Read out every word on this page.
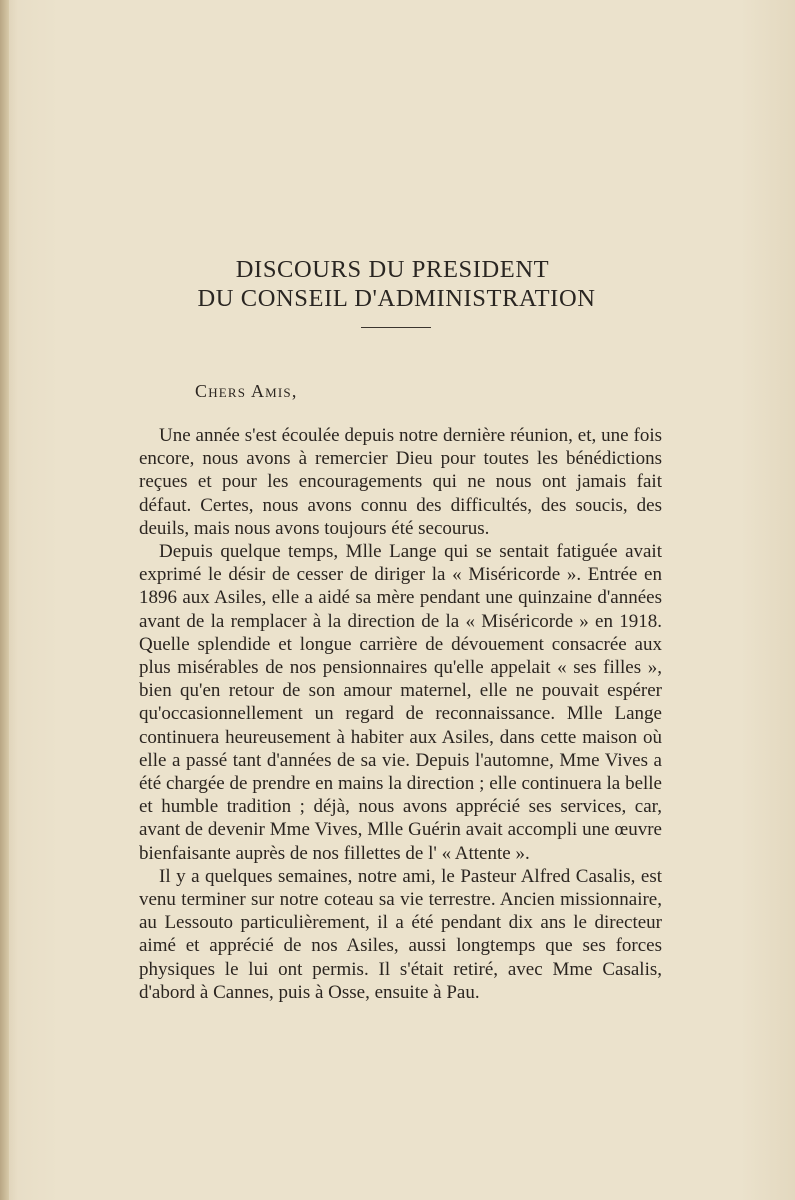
DISCOURS DU PRESIDENT
DU CONSEIL D'ADMINISTRATION
Chers Amis,

Une année s'est écoulée depuis notre dernière réunion, et, une fois encore, nous avons à remercier Dieu pour toutes les bénédictions reçues et pour les encouragements qui ne nous ont jamais fait défaut. Certes, nous avons connu des difficultés, des soucis, des deuils, mais nous avons toujours été secourus.

Depuis quelque temps, Mlle Lange qui se sentait fatiguée avait exprimé le désir de cesser de diriger la « Miséricorde ». Entrée en 1896 aux Asiles, elle a aidé sa mère pendant une quinzaine d'années avant de la remplacer à la direction de la « Miséricorde » en 1918. Quelle splendide et longue carrière de dévouement consacrée aux plus misérables de nos pensionnaires qu'elle appelait « ses filles », bien qu'en retour de son amour maternel, elle ne pouvait espérer qu'occasionnellement un regard de reconnaissance. Mlle Lange continuera heureusement à habiter aux Asiles, dans cette maison où elle a passé tant d'années de sa vie. Depuis l'automne, Mme Vives a été chargée de prendre en mains la direction ; elle continuera la belle et humble tradition ; déjà, nous avons apprécié ses services, car, avant de devenir Mme Vives, Mlle Guérin avait accompli une œuvre bienfaisante auprès de nos fillettes de l' « Attente ».

Il y a quelques semaines, notre ami, le Pasteur Alfred Casalis, est venu terminer sur notre coteau sa vie terrestre. Ancien missionnaire, au Lessouto particulièrement, il a été pendant dix ans le directeur aimé et apprécié de nos Asiles, aussi longtemps que ses forces physiques le lui ont permis. Il s'était retiré, avec Mme Casalis, d'abord à Cannes, puis à Osse, ensuite à Pau.
